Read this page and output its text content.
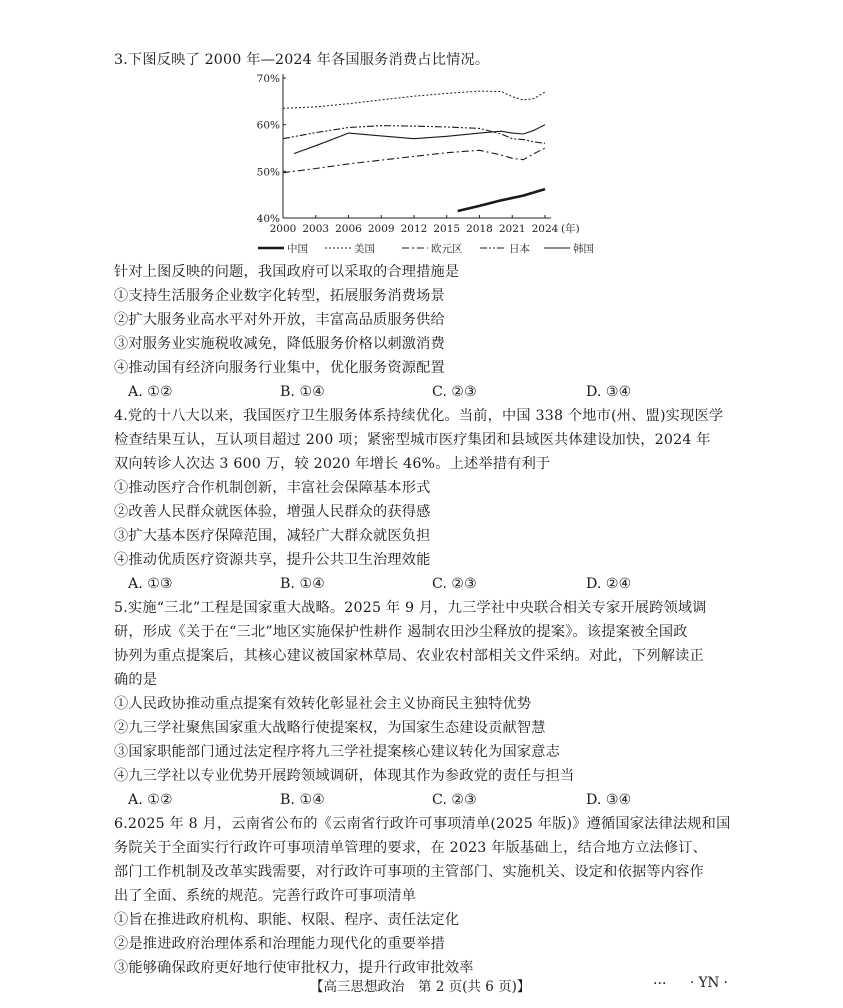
3.下图反映了 2000 年—2024 年各国服务消费占比情况。
40%
50%
60%
70%
2000 2003 2006 2009 2012 2015 2018 2021 2024 (年)
中国	美国	欧元区	日本	韩国
针对上图反映的问题，我国政府可以采取的合理措施是
①支持生活服务企业数字化转型，拓展服务消费场景
②扩大服务业高水平对外开放，丰富高品质服务供给
③对服务业实施税收减免，降低服务价格以刺激消费
④推动国有经济向服务行业集中，优化服务资源配置
A. ①②	B. ①④	C. ②③	D. ③④
4.党的十八大以来，我国医疗卫生服务体系持续优化。当前，中国 338 个地市(州、盟)实现医学
检查结果互认，互认项目超过 200 项；紧密型城市医疗集团和县域医共体建设加快，2024 年
双向转诊人次达 3 600 万，较 2020 年增长 46%。上述举措有利于
①推动医疗合作机制创新，丰富社会保障基本形式
②改善人民群众就医体验，增强人民群众的获得感
③扩大基本医疗保障范围，减轻广大群众就医负担
④推动优质医疗资源共享，提升公共卫生治理效能
A. ①③	B. ①④	C. ②③	D. ②④
5.实施“三北”工程是国家重大战略。2025 年 9 月，九三学社中央联合相关专家开展跨领域调
研，形成《关于在“三北”地区实施保护性耕作 遏制农田沙尘释放的提案》。该提案被全国政
协列为重点提案后，其核心建议被国家林草局、农业农村部相关文件采纳。对此，下列解读正
确的是
①人民政协推动重点提案有效转化彰显社会主义协商民主独特优势
②九三学社聚焦国家重大战略行使提案权，为国家生态建设贡献智慧
③国家职能部门通过法定程序将九三学社提案核心建议转化为国家意志
④九三学社以专业优势开展跨领域调研，体现其作为参政党的责任与担当
A. ①②	B. ①④	C. ②③	D. ③④
6.2025 年 8 月，云南省公布的《云南省行政许可事项清单(2025 年版)》遵循国家法律法规和国
务院关于全面实行行政许可事项清单管理的要求，在 2023 年版基础上，结合地方立法修订、
部门工作机制及改革实践需要，对行政许可事项的主管部门、实施机关、设定和依据等内容作
出了全面、系统的规范。完善行政许可事项清单
①旨在推进政府机构、职能、权限、程序、责任法定化
②是推进政府治理体系和治理能力现代化的重要举措
③能够确保政府更好地行使审批权力，提升行政审批效率
【高三思想政治　第 2 页(共 6 页)】	… · YN ·
